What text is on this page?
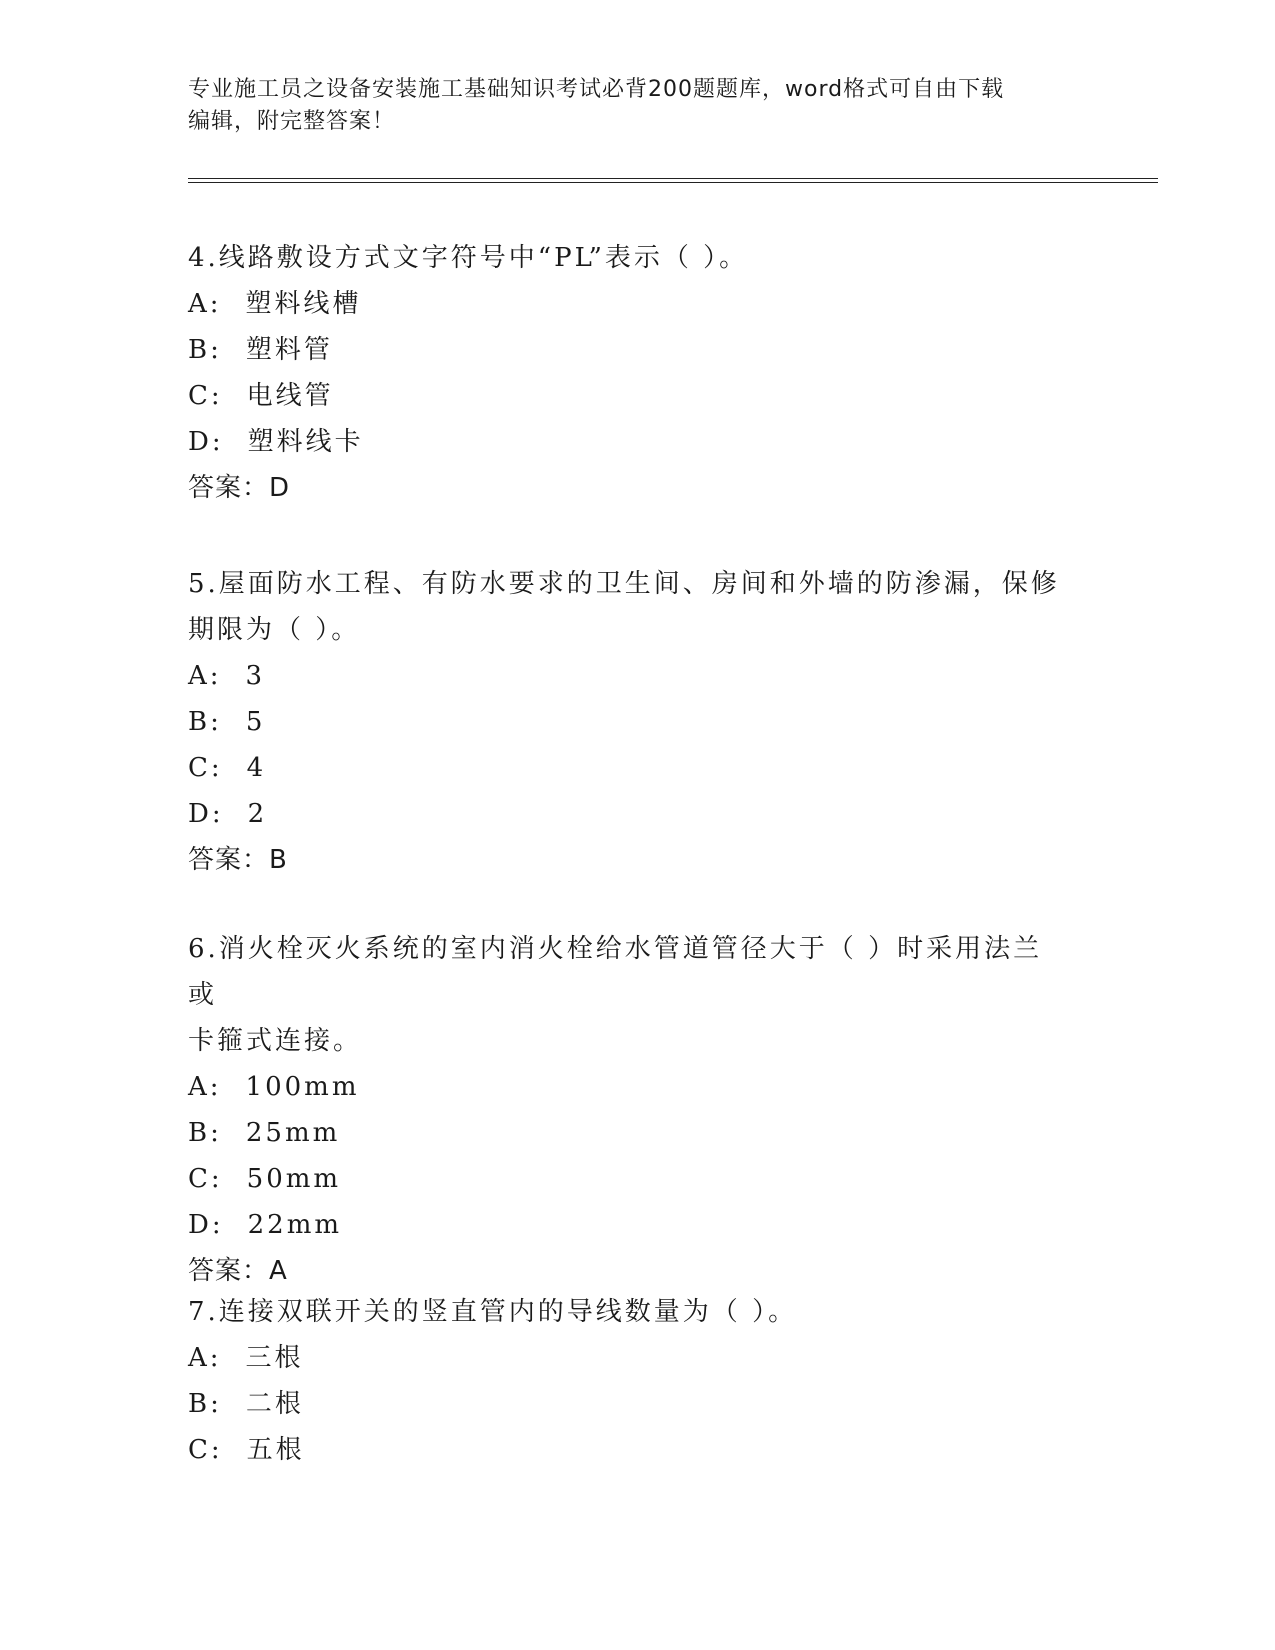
专业施工员之设备安装施工基础知识考试必背200题题库，word格式可自由下载
编辑，附完整答案！
4.线路敷设方式文字符号中“PL”表示（ ）。
A: 塑料线槽
B: 塑料管
C: 电线管
D: 塑料线卡
答案：D
5.屋面防水工程、有防水要求的卫生间、房间和外墙的防渗漏，保修
期限为（ ）。
A: 3
B: 5
C: 4
D: 2
答案：B
6.消火栓灭火系统的室内消火栓给水管道管径大于（ ）时采用法兰或
卡箍式连接。
A: 100mm
B: 25mm
C: 50mm
D: 22mm
答案：A
7.连接双联开关的竖直管内的导线数量为（ ）。
A: 三根
B: 二根
C: 五根
